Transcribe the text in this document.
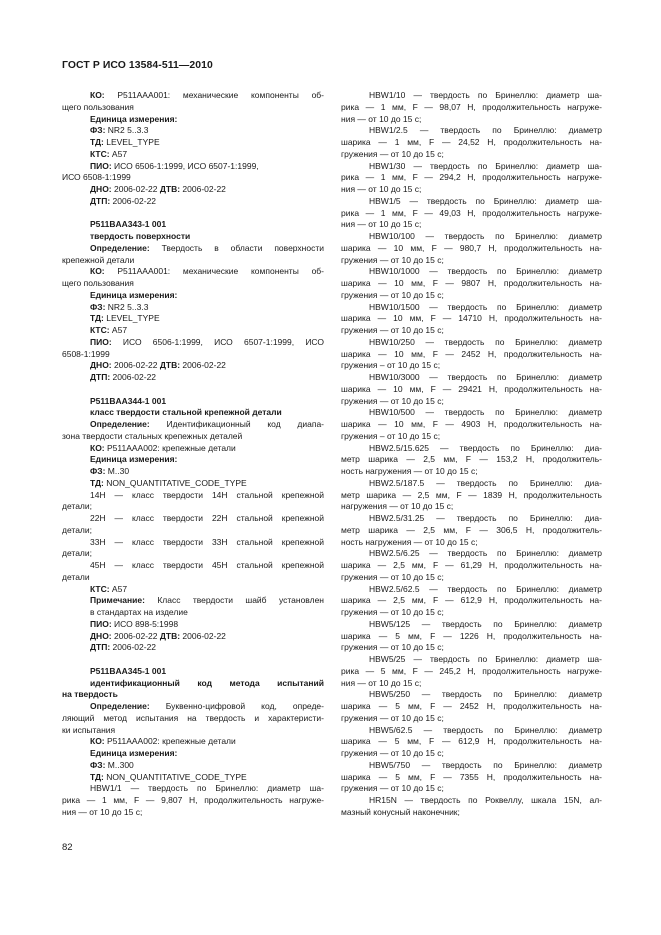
ГОСТ Р ИСО 13584-511—2010
КО: P511AAA001: механические компоненты об-
щего пользования
Единица измерения:
ФЗ: NR2 5..3.3
ТД: LEVEL_TYPE
КТС: A57
ПИО: ИСО 6506-1:1999, ИСО 6507-1:1999,
ИСО 6508-1:1999
ДНО: 2006-02-22 ДТВ: 2006-02-22
ДТП: 2006-02-22
P511BAA343-1 001
твердость поверхности
Определение: Твердость в области поверхности
крепежной детали
КО: P511AAA001: механические компоненты об-
щего пользования
Единица измерения:
ФЗ: NR2 5..3.3
ТД: LEVEL_TYPE
КТС: A57
ПИО: ИСО 6506-1:1999, ИСО 6507-1:1999, ИСО
6508-1:1999
ДНО: 2006-02-22 ДТВ: 2006-02-22
ДТП: 2006-02-22
P511BAA344-1 001
класс твердости стальной крепежной детали
Определение: Идентификационный код диапа-
зона твердости стальных крепежных деталей
КО: P511AAA002: крепежные детали
Единица измерения:
ФЗ: M..30
ТД: NON_QUANTITATIVE_CODE_TYPE
14H — класс твердости 14H стальной крепежной
детали;
22H — класс твердости 22H стальной крепежной
детали;
33H — класс твердости 33H стальной крепежной
детали;
45H — класс твердости 45H стальной крепежной
детали
КТС: A57
Примечание: Класс твердости шайб установлен
в стандартах на изделие
ПИО: ИСО 898-5:1998
ДНО: 2006-02-22 ДТВ: 2006-02-22
ДТП: 2006-02-22
P511BAA345-1 001
идентификационный код метода испытаний
на твердость
Определение: Буквенно-цифровой код, опреде-
ляющий метод испытания на твердость и характеристи-
ки испытания
КО: P511AAA002: крепежные детали
Единица измерения:
ФЗ: M..300
ТД: NON_QUANTITATIVE_CODE_TYPE
HBW1/1 — твердость по Бринеллю: диаметр ша-
рика — 1 мм, F — 9,807 Н, продолжительность нагруже-
ния — от 10 до 15 с;
HBW1/10 — твердость по Бринеллю: диаметр ша-
рика — 1 мм, F — 98,07 Н, продолжительность нагруже-
ния — от 10 до 15 с;
HBW1/2.5 — твердость по Бринеллю: диаметр
шарика — 1 мм, F — 24,52 Н, продолжительность на-
гружения — от 10 до 15 с;
HBW1/30 — твердость по Бринеллю: диаметр ша-
рика — 1 мм, F — 294,2 Н, продолжительность нагруже-
ния — от 10 до 15 с;
HBW1/5 — твердость по Бринеллю: диаметр ша-
рика — 1 мм, F — 49,03 Н, продолжительность нагруже-
ния — от 10 до 15 с;
HBW10/100 — твердость по Бринеллю: диаметр
шарика — 10 мм, F — 980,7 Н, продолжительность на-
гружения — от 10 до 15 с;
HBW10/1000 — твердость по Бринеллю: диаметр
шарика — 10 мм, F — 9807 Н, продолжительность на-
гружения — от 10 до 15 с;
HBW10/1500 — твердость по Бринеллю: диаметр
шарика — 10 мм, F — 14710 Н, продолжительность на-
гружения — от 10 до 15 с;
HBW10/250 — твердость по Бринеллю: диаметр
шарика — 10 мм, F — 2452 Н, продолжительность на-
гружения – от 10 до 15 с;
HBW10/3000 — твердость по Бринеллю: диаметр
шарика — 10 мм, F — 29421 Н, продолжительность на-
гружения — от 10 до 15 с;
HBW10/500 — твердость по Бринеллю: диаметр
шарика — 10 мм, F — 4903 Н, продолжительность на-
гружения – от 10 до 15 с;
HBW2.5/15.625 — твердость по Бринеллю: диа-
метр шарика — 2,5 мм, F — 153,2 Н, продолжитель-
ность нагружения — от 10 до 15 с;
HBW2.5/187.5 — твердость по Бринеллю: диа-
метр шарика — 2,5 мм, F — 1839 Н, продолжительность
нагружения — от 10 до 15 с;
HBW2.5/31.25 — твердость по Бринеллю: диа-
метр шарика — 2,5 мм, F — 306,5 Н, продолжитель-
ность нагружения — от 10 до 15 с;
HBW2.5/6.25 — твердость по Бринеллю: диаметр
шарика — 2,5 мм, F — 61,29 Н, продолжительность на-
гружения — от 10 до 15 с;
HBW2.5/62.5 — твердость по Бринеллю: диаметр
шарика — 2,5 мм, F — 612,9 Н, продолжительность на-
гружения — от 10 до 15 с;
HBW5/125 — твердость по Бринеллю: диаметр
шарика — 5 мм, F — 1226 Н, продолжительность на-
гружения — от 10 до 15 с;
HBW5/25 — твердость по Бринеллю: диаметр ша-
рика — 5 мм, F — 245,2 Н, продолжительность нагруже-
ния — от 10 до 15 с;
HBW5/250 — твердость по Бринеллю: диаметр
шарика — 5 мм, F — 2452 Н, продолжительность на-
гружения — от 10 до 15 с;
HBW5/62.5 — твердость по Бринеллю: диаметр
шарика — 5 мм, F — 612,9 Н, продолжительность на-
гружения — от 10 до 15 с;
HBW5/750 — твердость по Бринеллю: диаметр
шарика — 5 мм, F — 7355 Н, продолжительность на-
гружения — от 10 до 15 с;
HR15N — твердость по Роквеллу, шкала 15N, ал-
мазный конусный наконечник;
82
